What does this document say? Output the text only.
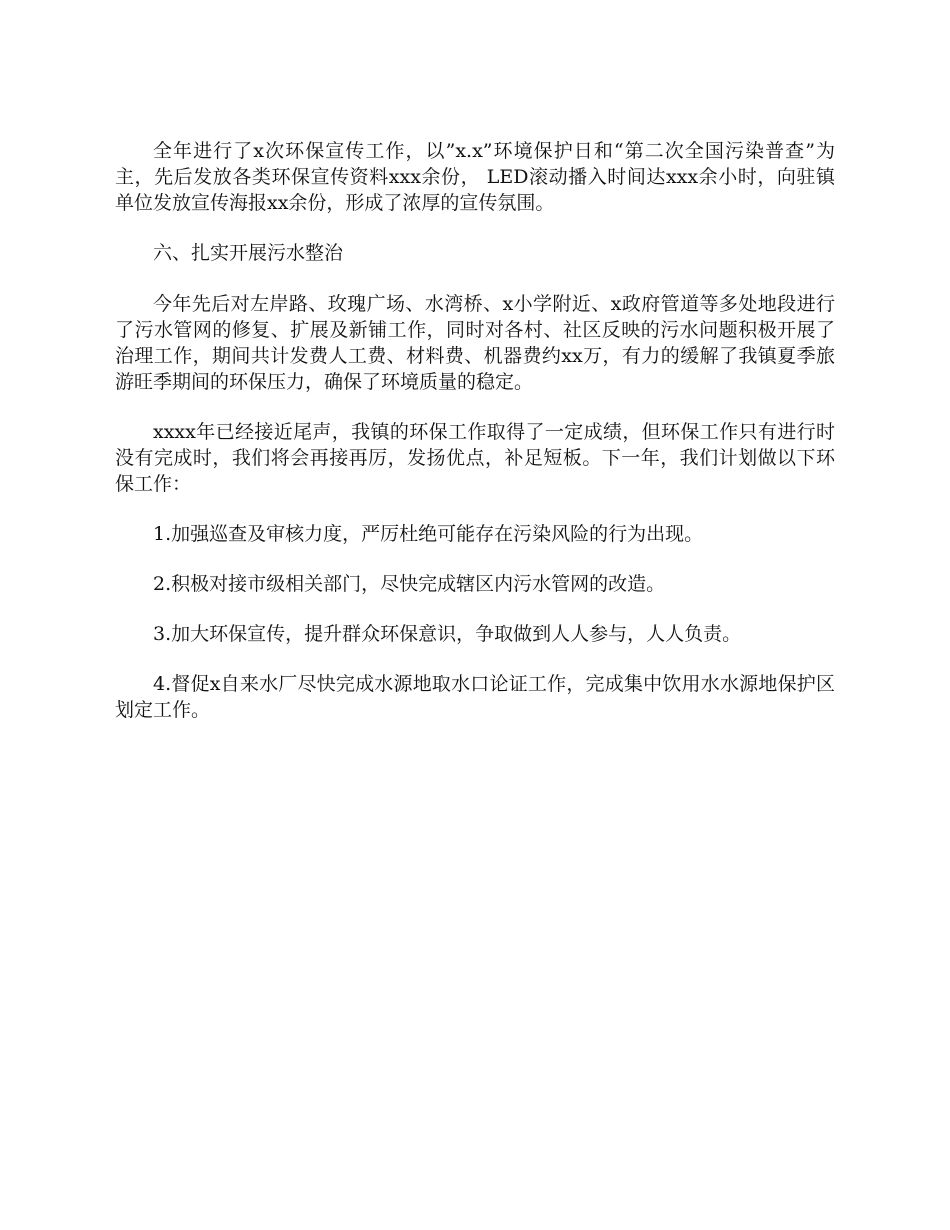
全年进行了x次环保宣传工作，以”x.x”环境保护日和“第二次全国污染普查”为主，先后发放各类环保宣传资料xxx余份， LED滚动播入时间达xxx余小时，向驻镇单位发放宣传海报xx余份，形成了浓厚的宣传氛围。

六、扎实开展污水整治

今年先后对左岸路、玫瑰广场、水湾桥、x小学附近、x政府管道等多处地段进行了污水管网的修复、扩展及新铺工作，同时对各村、社区反映的污水问题积极开展了治理工作，期间共计发费人工费、材料费、机器费约xx万，有力的缓解了我镇夏季旅游旺季期间的环保压力，确保了环境质量的稳定。

xxxx年已经接近尾声，我镇的环保工作取得了一定成绩，但环保工作只有进行时没有完成时，我们将会再接再厉，发扬优点，补足短板。下一年，我们计划做以下环保工作：

1.加强巡查及审核力度，严厉杜绝可能存在污染风险的行为出现。

2.积极对接市级相关部门，尽快完成辖区内污水管网的改造。

3.加大环保宣传，提升群众环保意识，争取做到人人参与，人人负责。

4.督促x自来水厂尽快完成水源地取水口论证工作，完成集中饮用水水源地保护区划定工作。
